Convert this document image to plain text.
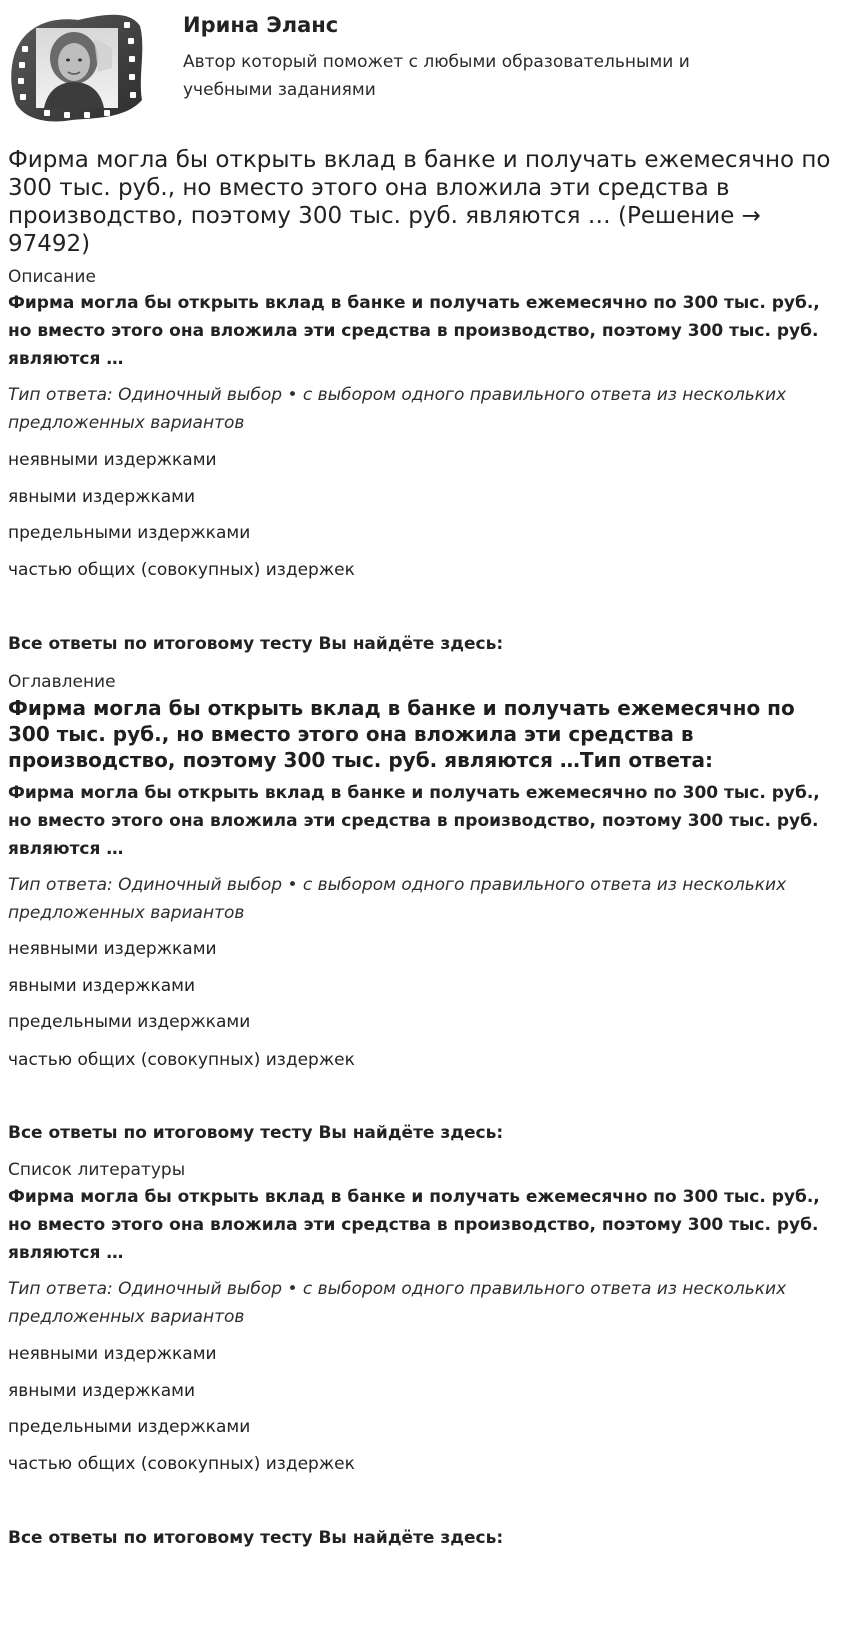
Ирина Эланс
Автор который поможет с любыми образовательными и учебными заданиями
Фирма могла бы открыть вклад в банке и получать ежемесячно по 300 тыс. руб., но вместо этого она вложила эти средства в производство, поэтому 300 тыс. руб. являются … (Решение → 97492)
Описание
Фирма могла бы открыть вклад в банке и получать ежемесячно по 300 тыс. руб., но вместо этого она вложила эти средства в производство, поэтому 300 тыс. руб. являются …
Тип ответа: Одиночный выбор • с выбором одного правильного ответа из нескольких предложенных вариантов
неявными издержками
явными издержками
предельными издержками
частью общих (совокупных) издержек
Все ответы по итоговому тесту Вы найдёте здесь:
Оглавление
Фирма могла бы открыть вклад в банке и получать ежемесячно по 300 тыс. руб., но вместо этого она вложила эти средства в производство, поэтому 300 тыс. руб. являются …Тип ответа:
Фирма могла бы открыть вклад в банке и получать ежемесячно по 300 тыс. руб., но вместо этого она вложила эти средства в производство, поэтому 300 тыс. руб. являются …
Тип ответа: Одиночный выбор • с выбором одного правильного ответа из нескольких предложенных вариантов
неявными издержками
явными издержками
предельными издержками
частью общих (совокупных) издержек
Все ответы по итоговому тесту Вы найдёте здесь:
Список литературы
Фирма могла бы открыть вклад в банке и получать ежемесячно по 300 тыс. руб., но вместо этого она вложила эти средства в производство, поэтому 300 тыс. руб. являются …
Тип ответа: Одиночный выбор • с выбором одного правильного ответа из нескольких предложенных вариантов
неявными издержками
явными издержками
предельными издержками
частью общих (совокупных) издержек
Все ответы по итоговому тесту Вы найдёте здесь:
